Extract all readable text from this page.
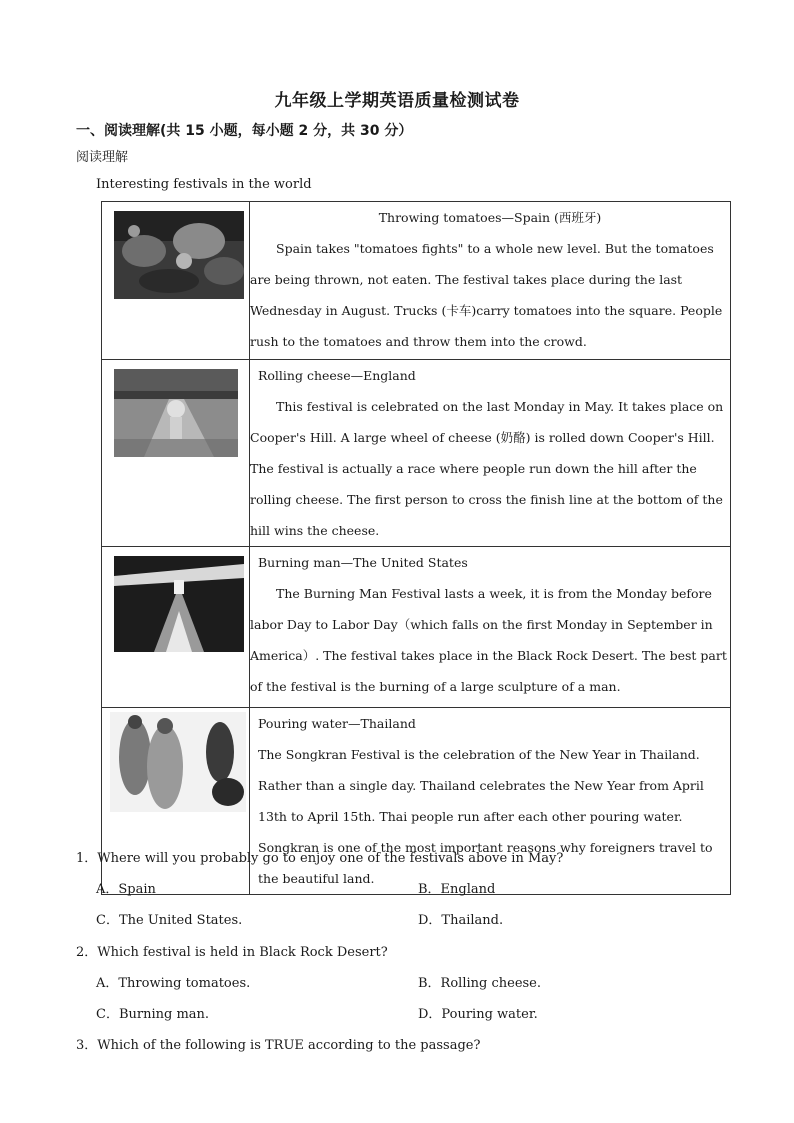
九年级上学期英语质量检测试卷
一、阅读理解(共 15 小题，每小题 2 分，共 30 分）
阅读理解
Interesting festivals in the world

Throwing tomatoes—Spain (西班牙)
Spain takes "tomatoes fights" to a whole new level. But the tomatoes are being thrown, not eaten. The festival takes place during the last Wednesday in August. Trucks (卡车)carry tomatoes into the square. People rush to the tomatoes and throw them into the crowd.

Rolling cheese—England
This festival is celebrated on the last Monday in May. It takes place on Cooper's Hill. A large wheel of cheese (奶酪) is rolled down Cooper's Hill. The festival is actually a race where people run down the hill after the rolling cheese. The first person to cross the finish line at the bottom of the hill wins the cheese.

Burning man—The United States
The Burning Man Festival lasts a week, it is from the Monday before labor Day to Labor Day（which falls on the first Monday in September in America）. The festival takes place in the Black Rock Desert. The best part of the festival is the burning of a large sculpture of a man.

Pouring water—Thailand
The Songkran Festival is the celebration of the New Year in Thailand. Rather than a single day. Thailand celebrates the New Year from April 13th to April 15th. Thai people run after each other pouring water. Songkran is one of the most important reasons why foreigners travel to the beautiful land.
1．Where will you probably go to enjoy one of the festivals above in May?
A．Spain	B．England
C．The United States.	D．Thailand.
2．Which festival is held in Black Rock Desert?
A．Throwing tomatoes.	B．Rolling cheese.
C．Burning man.	D．Pouring water.
3．Which of the following is TRUE according to the passage?
